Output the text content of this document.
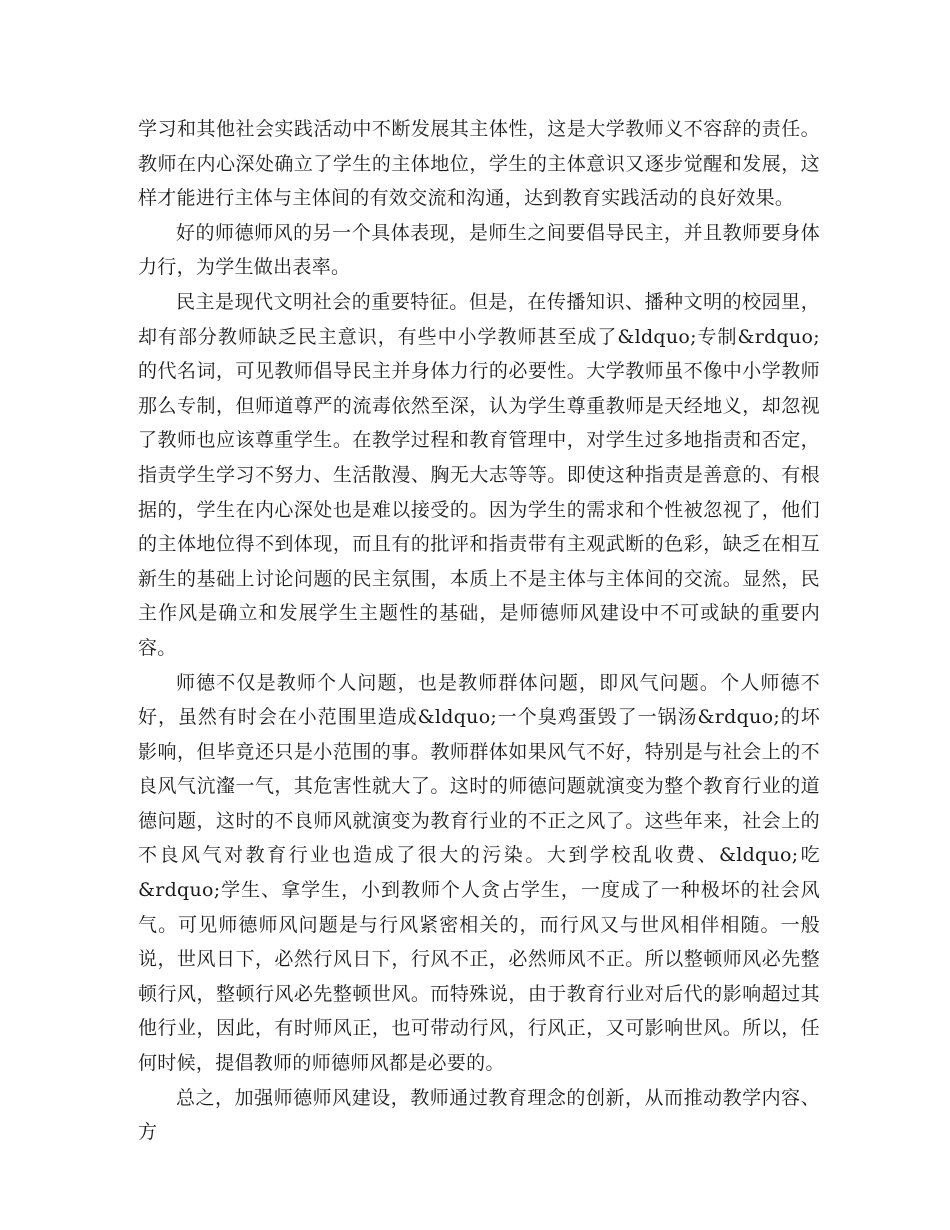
学习和其他社会实践活动中不断发展其主体性，这是大学教师义不容辞的责任。教师在内心深处确立了学生的主体地位，学生的主体意识又逐步觉醒和发展，这样才能进行主体与主体间的有效交流和沟通，达到教育实践活动的良好效果。

好的师德师风的另一个具体表现，是师生之间要倡导民主，并且教师要身体力行，为学生做出表率。

民主是现代文明社会的重要特征。但是，在传播知识、播种文明的校园里，却有部分教师缺乏民主意识，有些中小学教师甚至成了&ldquo;专制&rdquo;的代名词，可见教师倡导民主并身体力行的必要性。大学教师虽不像中小学教师那么专制，但师道尊严的流毒依然至深，认为学生尊重教师是天经地义，却忽视了教师也应该尊重学生。在教学过程和教育管理中，对学生过多地指责和否定，指责学生学习不努力、生活散漫、胸无大志等等。即使这种指责是善意的、有根据的，学生在内心深处也是难以接受的。因为学生的需求和个性被忽视了，他们的主体地位得不到体现，而且有的批评和指责带有主观武断的色彩，缺乏在相互新生的基础上讨论问题的民主氛围，本质上不是主体与主体间的交流。显然，民主作风是确立和发展学生主题性的基础，是师德师风建设中不可或缺的重要内容。

师德不仅是教师个人问题，也是教师群体问题，即风气问题。个人师德不好，虽然有时会在小范围里造成&ldquo;一个臭鸡蛋毁了一锅汤&rdquo;的坏影响，但毕竟还只是小范围的事。教师群体如果风气不好，特别是与社会上的不良风气沆瀣一气，其危害性就大了。这时的师德问题就演变为整个教育行业的道德问题，这时的不良师风就演变为教育行业的不正之风了。这些年来，社会上的不良风气对教育行业也造成了很大的污染。大到学校乱收费、&ldquo;吃&rdquo;学生、拿学生，小到教师个人贪占学生，一度成了一种极坏的社会风气。可见师德师风问题是与行风紧密相关的，而行风又与世风相伴相随。一般说，世风日下，必然行风日下，行风不正，必然师风不正。所以整顿师风必先整顿行风，整顿行风必先整顿世风。而特殊说，由于教育行业对后代的影响超过其他行业，因此，有时师风正，也可带动行风，行风正，又可影响世风。所以，任何时候，提倡教师的师德师风都是必要的。

总之，加强师德师风建设，教师通过教育理念的创新，从而推动教学内容、方
